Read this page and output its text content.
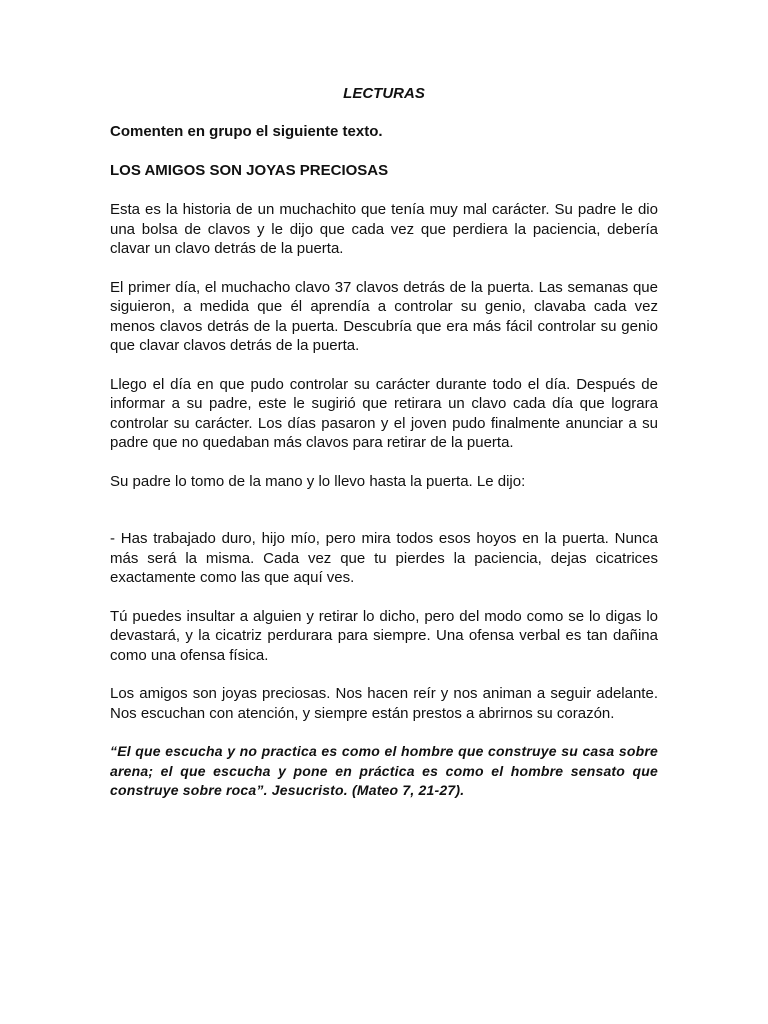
LECTURAS

Comenten en grupo el siguiente texto.

LOS AMIGOS SON JOYAS PRECIOSAS

Esta es la historia de un muchachito que tenía muy mal carácter. Su padre le dio una bolsa de clavos y le dijo que cada vez que perdiera la paciencia, debería clavar un clavo detrás de la puerta.

El primer día, el muchacho clavo 37 clavos detrás de la puerta. Las semanas que siguieron, a medida que él aprendía a controlar su genio, clavaba cada vez menos clavos detrás de la puerta. Descubría que era más fácil controlar su genio que clavar clavos detrás de la puerta.

Llego el día en que pudo controlar su carácter durante todo el día. Después de informar a su padre, este le sugirió que retirara un clavo cada día que lograra controlar su carácter. Los días pasaron y el joven pudo finalmente anunciar a su padre que no quedaban más clavos para retirar de la puerta.

Su padre lo tomo de la mano y lo llevo hasta la puerta. Le dijo:

- Has trabajado duro, hijo mío, pero mira todos esos hoyos en la puerta. Nunca más será la misma. Cada vez que tu pierdes la paciencia, dejas cicatrices exactamente como las que aquí ves.

Tú puedes insultar a alguien y retirar lo dicho, pero del modo como se lo digas lo devastará, y la cicatriz perdurara para siempre. Una ofensa verbal es tan dañina como una ofensa física.

Los amigos son joyas preciosas. Nos hacen reír y nos animan a seguir adelante. Nos escuchan con atención, y siempre están prestos a abrirnos su corazón.

“El que escucha y no practica es como el hombre que construye su casa sobre arena; el que escucha y pone en práctica es como el hombre sensato que construye sobre roca”. Jesucristo. (Mateo 7, 21-27).
